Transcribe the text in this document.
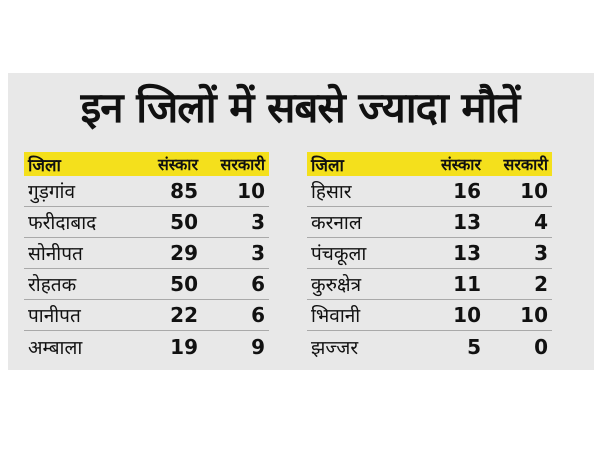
इन जिलों में सबसे ज्यादा मौतें
जिला	संस्कार	सरकारी
गुड़गांव	85	10
फरीदाबाद	50	3
सोनीपत	29	3
रोहतक	50	6
पानीपत	22	6
अम्बाला	19	9
जिला	संस्कार	सरकारी
हिसार	16	10
करनाल	13	4
पंचकूला	13	3
कुरुक्षेत्र	11	2
भिवानी	10	10
झज्जर	5	0
